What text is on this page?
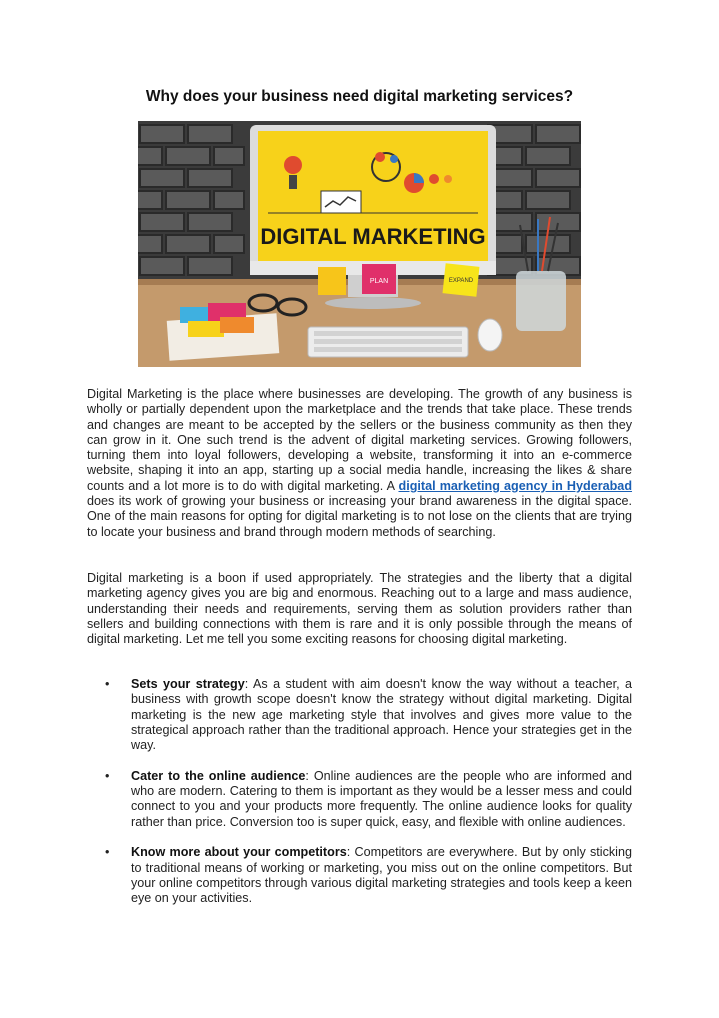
Why does your business need digital marketing services?
DIGITAL MARKETING
PLAN	EXPAND

Digital Marketing is the place where businesses are developing. The growth of any business is wholly or partially dependent upon the marketplace and the trends that take place. These trends and changes are meant to be accepted by the sellers or the business community as then they can grow in it. One such trend is the advent of digital marketing services. Growing followers, turning them into loyal followers, developing a website, transforming it into an e-commerce website, shaping it into an app, starting up a social media handle, increasing the likes & share counts and a lot more is to do with digital marketing. A digital marketing agency in Hyderabad does its work of growing your business or increasing your brand awareness in the digital space. One of the main reasons for opting for digital marketing is to not lose on the clients that are trying to locate your business and brand through modern methods of searching.

Digital marketing is a boon if used appropriately. The strategies and the liberty that a digital marketing agency gives you are big and enormous. Reaching out to a large and mass audience, understanding their needs and requirements, serving them as solution providers rather than sellers and building connections with them is rare and it is only possible through the means of digital marketing. Let me tell you some exciting reasons for choosing digital marketing.

• Sets your strategy: As a student with aim doesn't know the way without a teacher, a business with growth scope doesn't know the strategy without digital marketing. Digital marketing is the new age marketing style that involves and gives more value to the strategical approach rather than the traditional approach. Hence your strategies get in the way.
• Cater to the online audience: Online audiences are the people who are informed and who are modern. Catering to them is important as they would be a lesser mess and could connect to you and your products more frequently. The online audience looks for quality rather than price. Conversion too is super quick, easy, and flexible with online audiences.
• Know more about your competitors: Competitors are everywhere. But by only sticking to traditional means of working or marketing, you miss out on the online competitors. But your online competitors through various digital marketing strategies and tools keep a keen eye on your activities.
